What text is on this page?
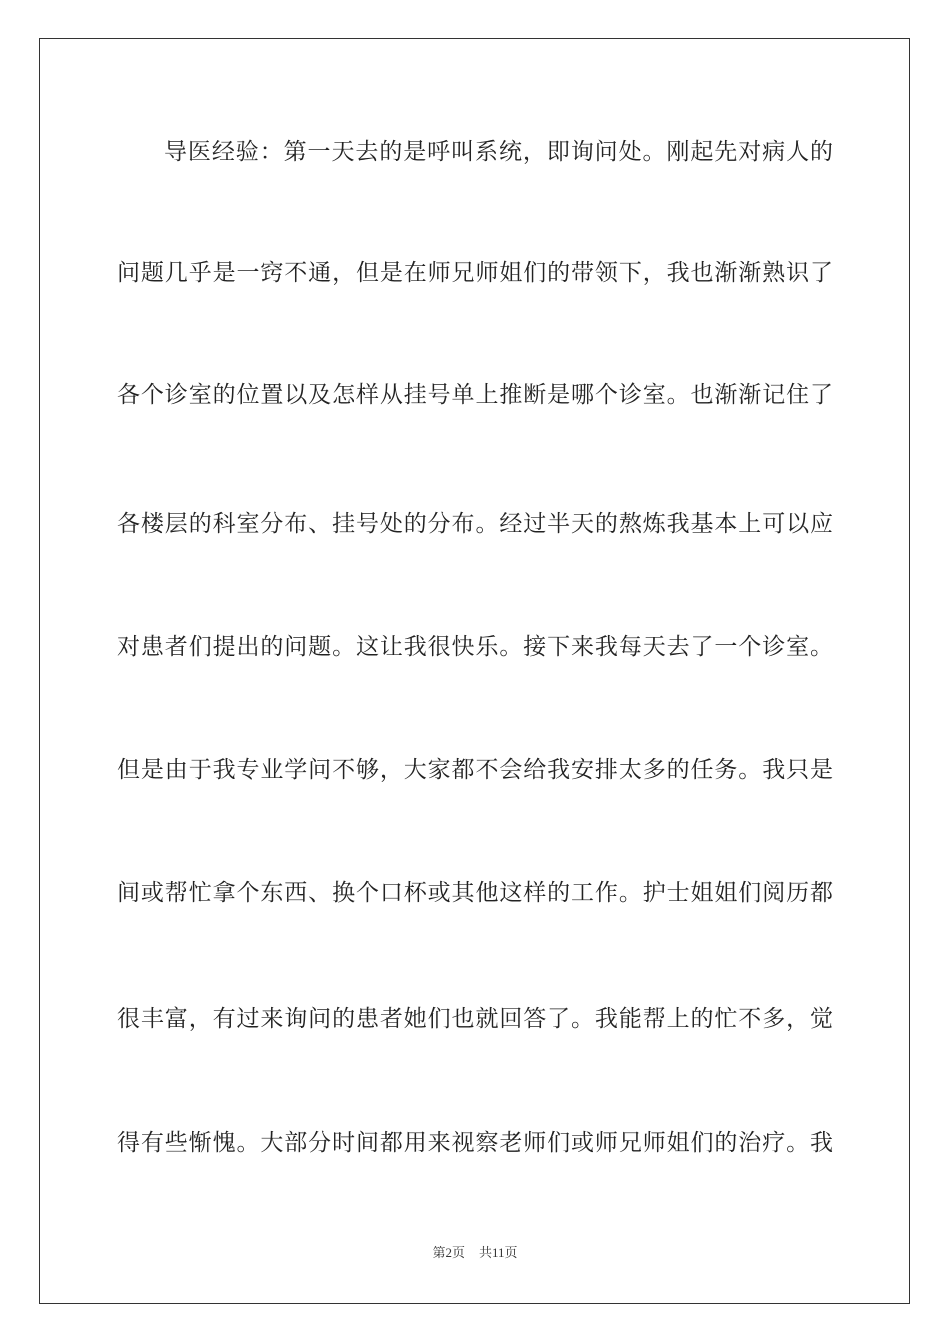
导医经验：第一天去的是呼叫系统，即询问处。刚起先对病人的
问题几乎是一窍不通，但是在师兄师姐们的带领下，我也渐渐熟识了
各个诊室的位置以及怎样从挂号单上推断是哪个诊室。也渐渐记住了
各楼层的科室分布、挂号处的分布。经过半天的熬炼我基本上可以应
对患者们提出的问题。这让我很快乐。接下来我每天去了一个诊室。
但是由于我专业学问不够，大家都不会给我安排太多的任务。我只是
间或帮忙拿个东西、换个口杯或其他这样的工作。护士姐姐们阅历都
很丰富，有过来询问的患者她们也就回答了。我能帮上的忙不多，觉
得有些惭愧。大部分时间都用来视察老师们或师兄师姐们的治疗。我
第2页 共11页
